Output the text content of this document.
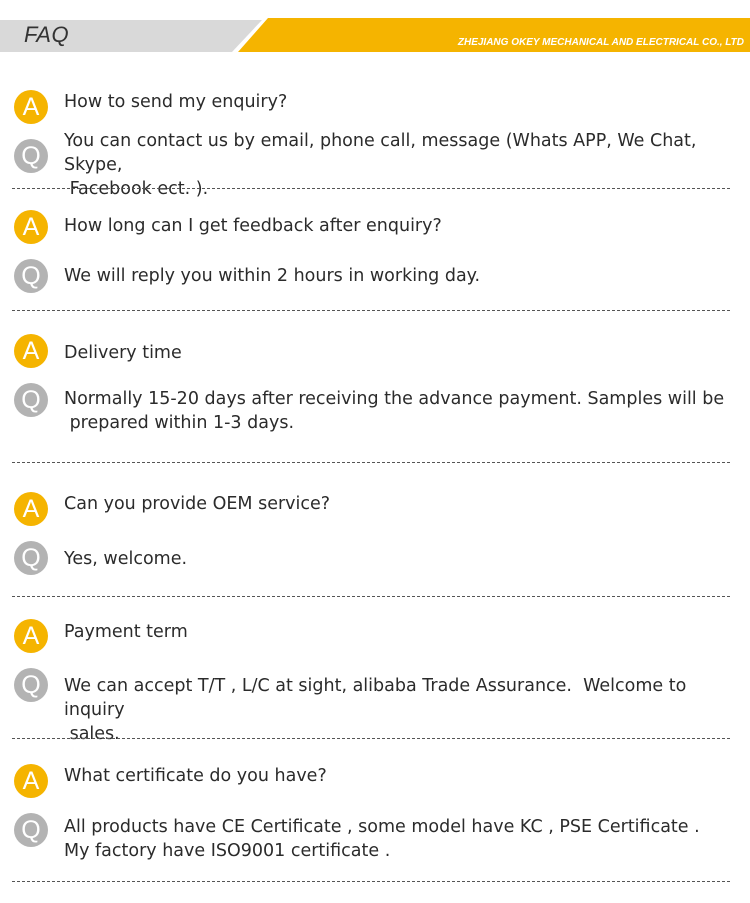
FAQ	ZHEJIANG OKEY MECHANICAL AND ELECTRICAL CO., LTD
A	How to send my enquiry?
Q
You can contact us by email, phone call, message (Whats APP, We Chat, Skype,
Facebook ect. ).
A	How long can I get feedback after enquiry?
Q	We will reply you within 2 hours in working day.
A	Delivery time
Q	Normally 15-20 days after receiving the advance payment. Samples will be
prepared within 1-3 days.
A	Can you provide OEM service?
Q	Yes, welcome.
A	Payment term
Q	We can accept T/T , L/C at sight, alibaba Trade Assurance.  Welcome to inquiry
sales.
A	What certificate do you have?
Q	All products have CE Certificate , some model have KC , PSE Certificate .
My factory have ISO9001 certificate .
